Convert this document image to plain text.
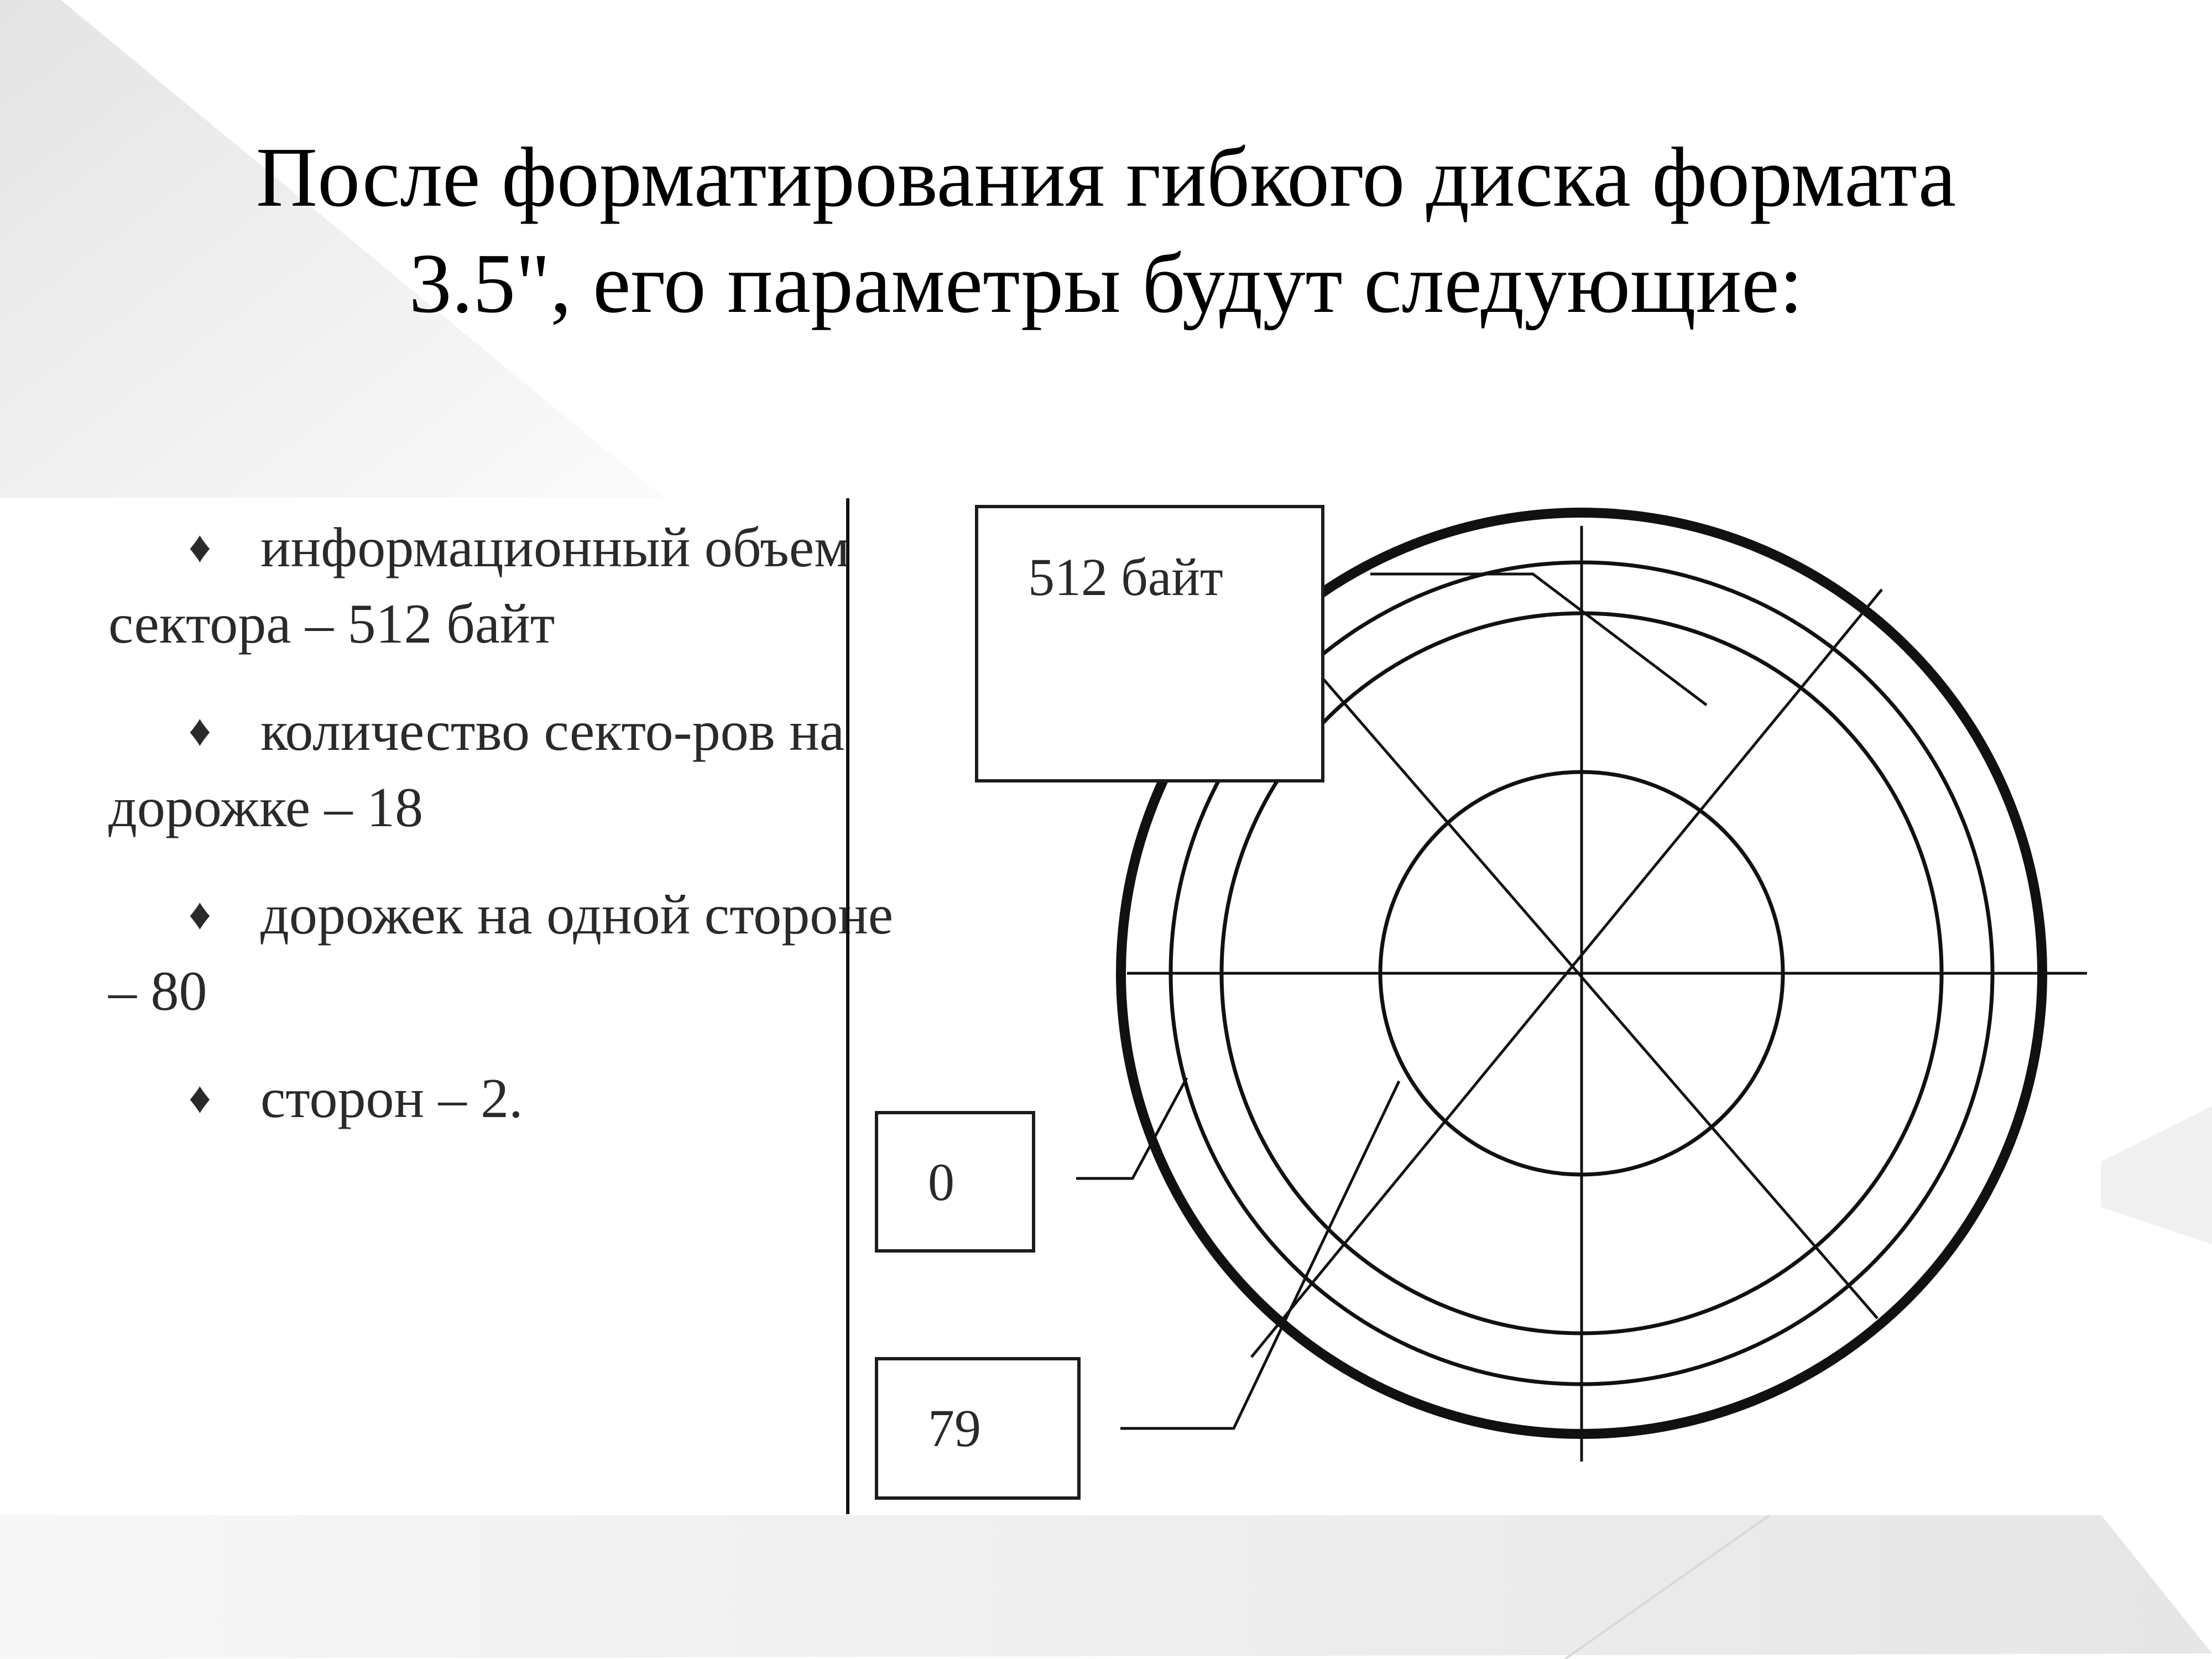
После форматирования гибкого диска формата
3.5", его параметры будут следующие:
♦ информационный объем сектора – 512 байт
♦ количество секто-ров на дорожке – 18
♦ дорожек на одной стороне – 80
♦ сторон – 2.
512 байт
0
79
